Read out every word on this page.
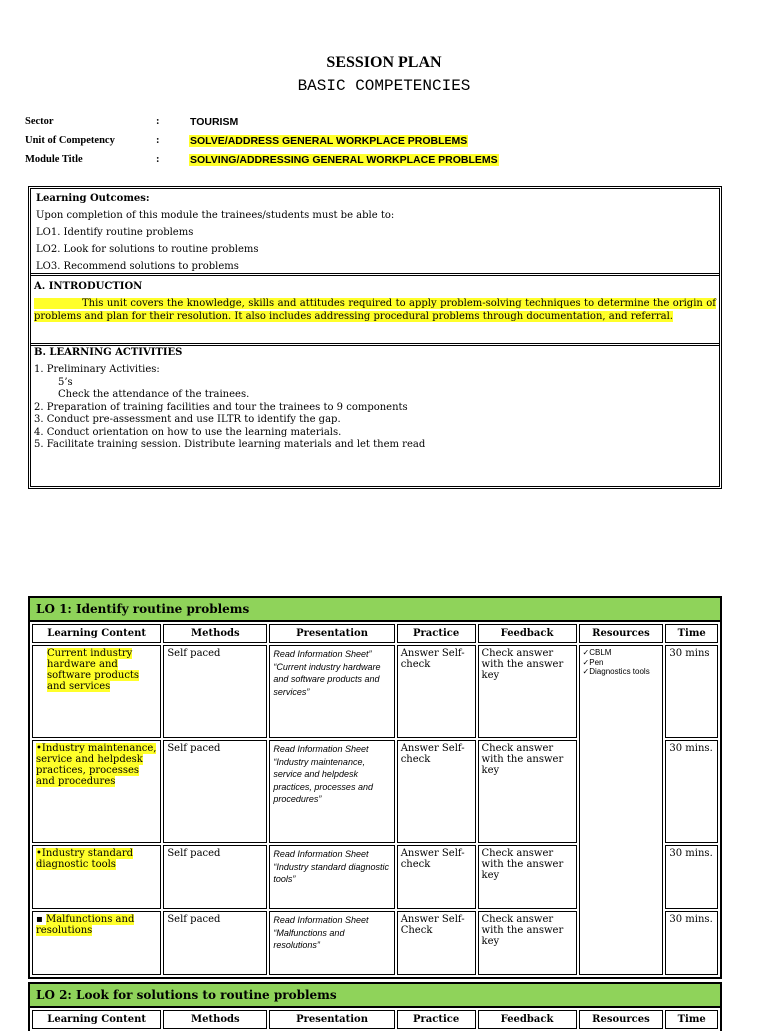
SESSION PLAN
BASIC COMPETENCIES
Sector	:	TOURISM
Unit of Competency	:	SOLVE/ADDRESS GENERAL WORKPLACE PROBLEMS
Module Title	:	SOLVING/ADDRESSING GENERAL WORKPLACE PROBLEMS
Learning Outcomes:
Upon completion of this module the trainees/students must be able to:
LO1. Identify routine problems
LO2. Look for solutions to routine problems
LO3. Recommend solutions to problems
A. INTRODUCTION
This unit covers the knowledge, skills and attitudes required to apply problem-solving techniques to determine the origin of problems and plan for their resolution. It also includes addressing procedural problems through documentation, and referral.
B. LEARNING ACTIVITIES
1. Preliminary Activities:
5’s
Check the attendance of the trainees.
2. Preparation of training facilities and tour the trainees to 9 components
3. Conduct pre-assessment and use ILTR to identify the gap.
4. Conduct orientation on how to use the learning materials.
5. Facilitate training session. Distribute learning materials and let them read
LO 1: Identify routine problems
Learning Content	Methods	Presentation	Practice	Feedback	Resources	Time
Current industry hardware and software products and services	Self paced	Read Information Sheet” “Current industry hardware and software products and services”	Answer Self-check	Check answer with the answer key	✓CBLM
✓Pen
✓Diagnostics tools	30 mins
•Industry maintenance, service and helpdesk practices, processes and procedures	Self paced	Read Information Sheet “Industry maintenance, service and helpdesk practices, processes and procedures”	Answer Self-check	Check answer with the answer key		30 mins.
•Industry standard diagnostic tools	Self paced	Read Information Sheet “Industry standard diagnostic tools”	Answer Self-check	Check answer with the answer key		30 mins.
▪ Malfunctions and resolutions	Self paced	Read Information Sheet “Malfunctions and resolutions”	Answer Self-Check	Check answer with the answer key		30 mins.
LO 2: Look for solutions to routine problems
Learning Content	Methods	Presentation	Practice	Feedback	Resources	Time
